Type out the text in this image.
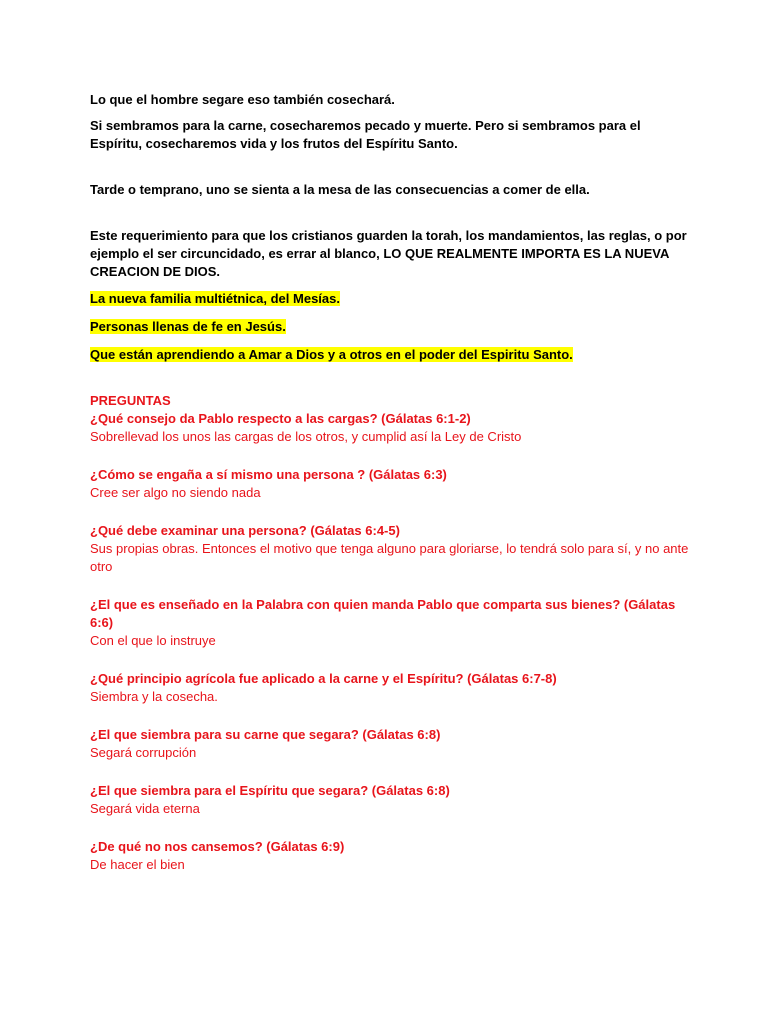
Lo que el hombre segare eso también cosechará.

Si sembramos para la carne, cosecharemos pecado y muerte. Pero si sembramos para el Espíritu, cosecharemos vida y los frutos del Espíritu Santo.

Tarde o temprano, uno se sienta a la mesa de las consecuencias a comer de ella.

Este requerimiento para que los cristianos guarden la torah, los mandamientos, las reglas, o por ejemplo el ser circuncidado, es errar al blanco, LO QUE REALMENTE IMPORTA ES LA NUEVA CREACION DE DIOS.

La nueva familia multiétnica, del Mesías.

Personas llenas de fe en Jesús.

Que están aprendiendo a Amar a Dios y a otros en el poder del Espiritu Santo.

PREGUNTAS

¿Qué consejo da Pablo respecto a las cargas? (Gálatas 6:1-2)

Sobrellevad los unos las cargas de los otros, y cumplid así la Ley de Cristo

¿Cómo se engaña a sí mismo una persona ? (Gálatas 6:3)

Cree ser algo no siendo nada

¿Qué debe examinar una persona? (Gálatas 6:4-5)

Sus propias obras. Entonces el motivo que tenga alguno para gloriarse, lo tendrá solo para sí, y no ante otro

¿El que es enseñado en la Palabra con quien manda Pablo que comparta sus bienes? (Gálatas 6:6)

Con el que lo instruye

¿Qué principio agrícola fue aplicado a la carne y el Espíritu? (Gálatas 6:7-8)

Siembra y la cosecha.

¿El que siembra para su carne que segara? (Gálatas 6:8)

Segará corrupción

¿El que siembra para el Espíritu que segara? (Gálatas 6:8)

Segará vida eterna

¿De qué no nos cansemos? (Gálatas 6:9)

De hacer el bien
